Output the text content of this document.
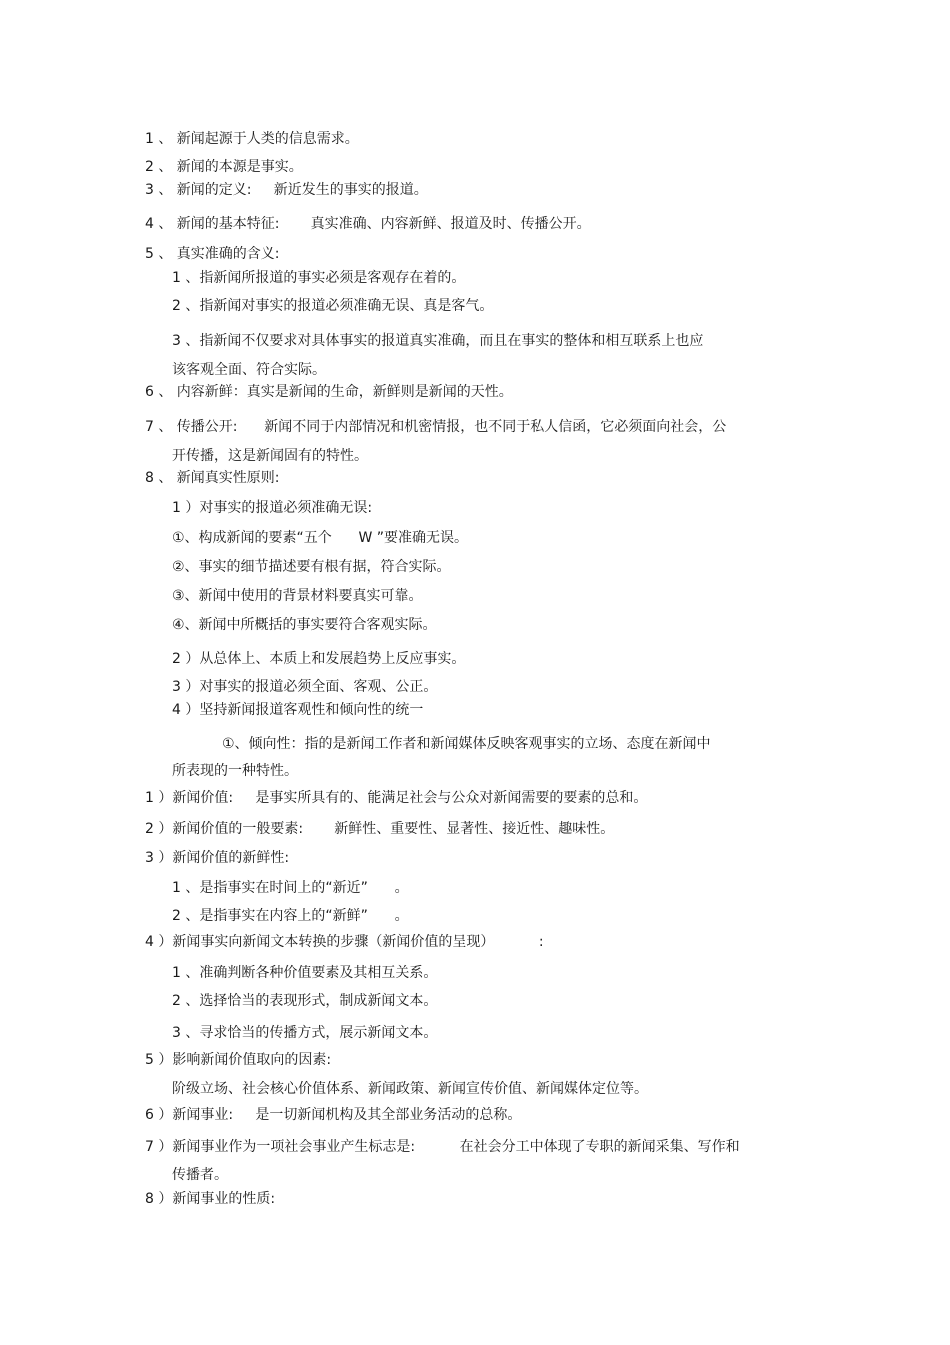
1 、 新闻起源于人类的信息需求。
2 、 新闻的本源是事实。
3 、 新闻的定义:     新近发生的事实的报道。
4 、 新闻的基本特征:       真实准确、内容新鲜、报道及时、传播公开。
5 、 真实准确的含义:
1 、指新闻所报道的事实必须是客观存在着的。
2 、指新闻对事实的报道必须准确无误、真是客气。
3 、指新闻不仅要求对具体事实的报道真实准确，而且在事实的整体和相互联系上也应
该客观全面、符合实际。
6 、 内容新鲜：真实是新闻的生命，新鲜则是新闻的天性。
7 、 传播公开:      新闻不同于内部情况和机密情报，也不同于私人信函，它必须面向社会，公
开传播，这是新闻固有的特性。
8 、 新闻真实性原则:
1 ）对事实的报道必须准确无误:
①、构成新闻的要素“五个      W ”要准确无误。
②、事实的细节描述要有根有据，符合实际。
③、新闻中使用的背景材料要真实可靠。
④、新闻中所概括的事实要符合客观实际。
2 ）从总体上、本质上和发展趋势上反应事实。
3 ）对事实的报道必须全面、客观、公正。
4 ）坚持新闻报道客观性和倾向性的统一
①、倾向性：指的是新闻工作者和新闻媒体反映客观事实的立场、态度在新闻中
所表现的一种特性。
1 ）新闻价值:     是事实所具有的、能满足社会与公众对新闻需要的要素的总和。
2 ）新闻价值的一般要素:       新鲜性、重要性、显著性、接近性、趣味性。
3 ）新闻价值的新鲜性:
1 、是指事实在时间上的“新近”      。
2 、是指事实在内容上的“新鲜”      。
4 ）新闻事实向新闻文本转换的步骤（新闻价值的呈现）          :
1 、准确判断各种价值要素及其相互关系。
2 、选择恰当的表现形式，制成新闻文本。
3 、寻求恰当的传播方式，展示新闻文本。
5 ）影响新闻价值取向的因素:
阶级立场、社会核心价值体系、新闻政策、新闻宣传价值、新闻媒体定位等。
6 ）新闻事业:     是一切新闻机构及其全部业务活动的总称。
7 ）新闻事业作为一项社会事业产生标志是:          在社会分工中体现了专职的新闻采集、写作和
传播者。
8 ）新闻事业的性质:
